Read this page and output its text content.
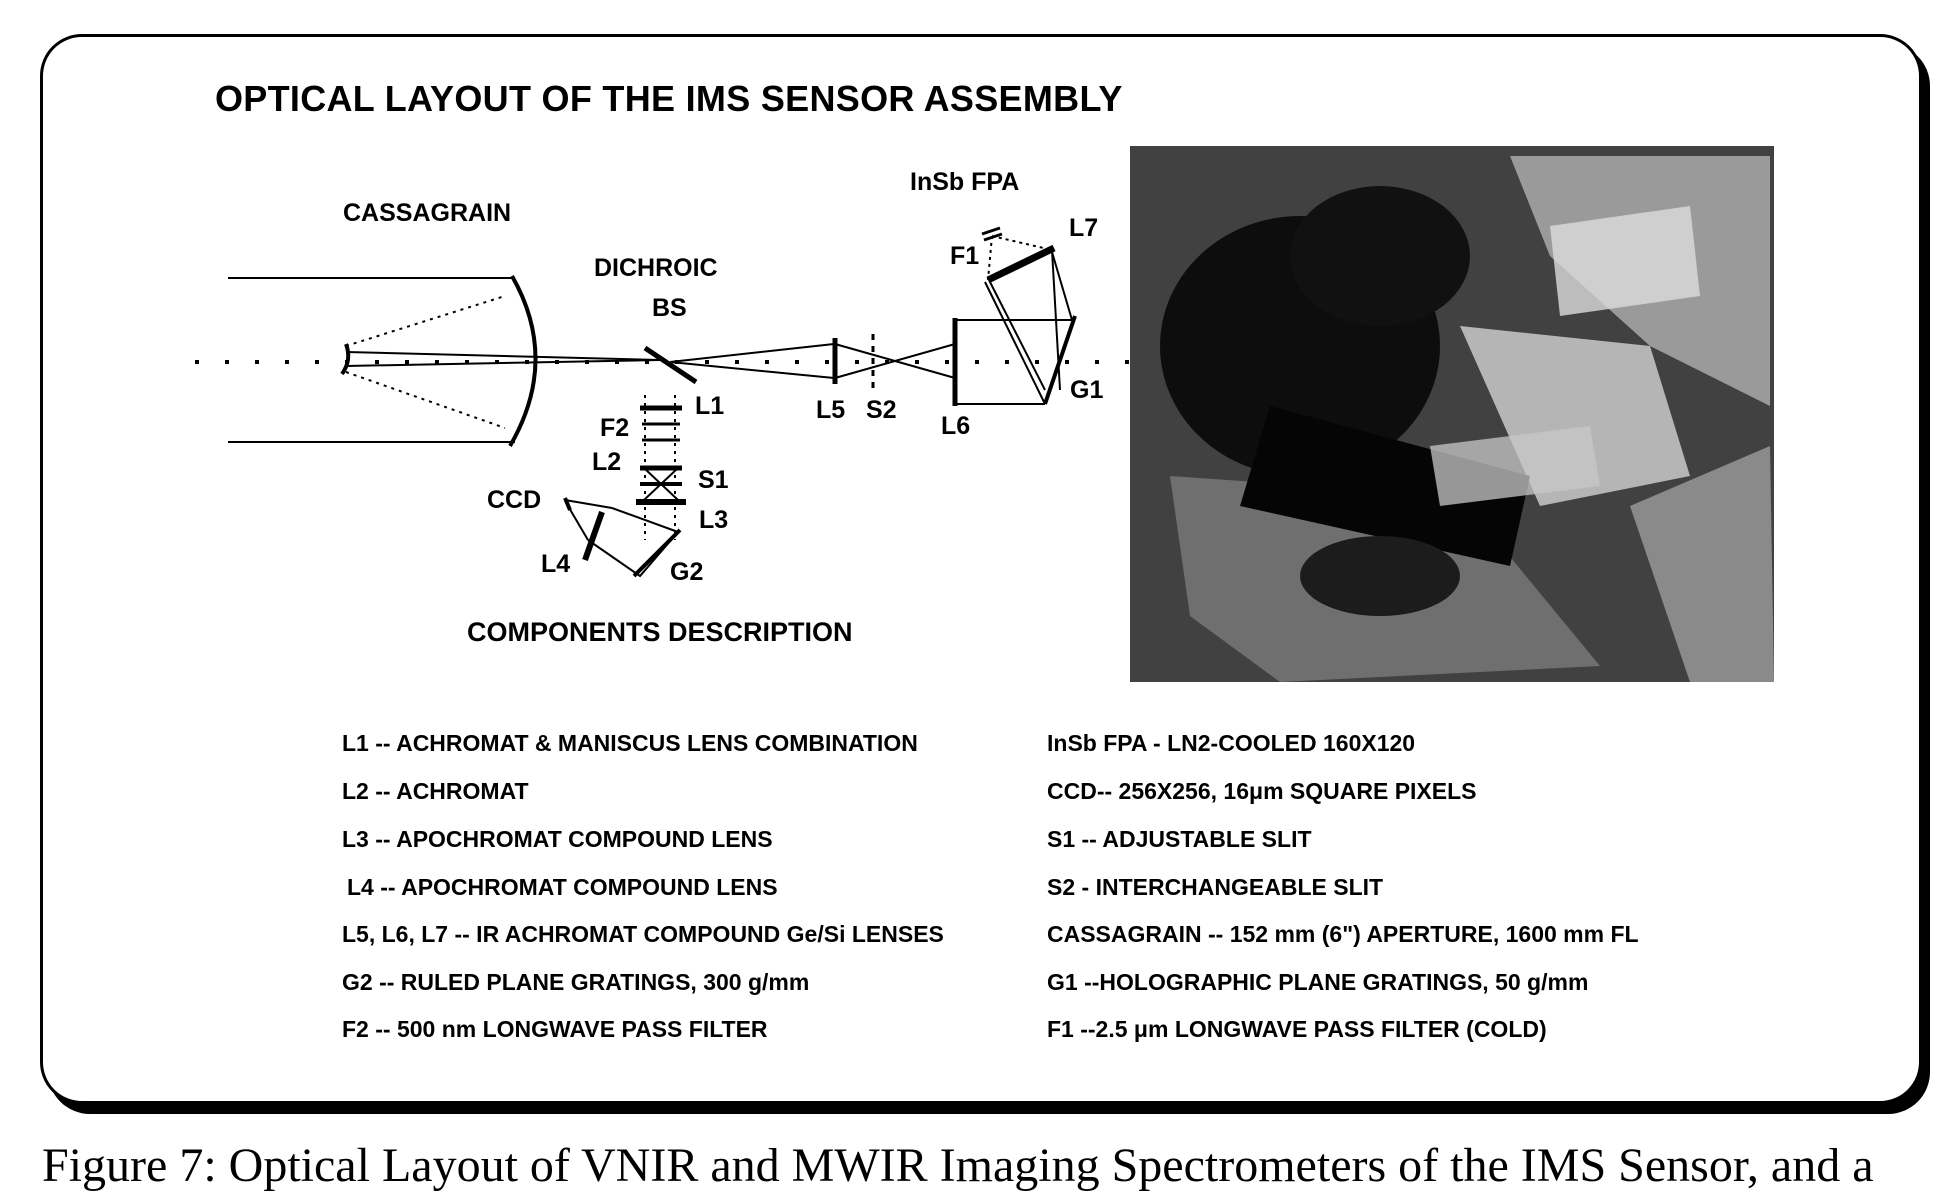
OPTICAL LAYOUT OF THE IMS SENSOR ASSEMBLY
CASSAGRAIN
DICHROIC
BS
InSb FPA
F1
L7
G1
L1	L5 S2
L6
F2
L2
S1
CCD
L3
L4	G2
COMPONENTS DESCRIPTION
L1 -- ACHROMAT & MANISCUS LENS COMBINATION
L2 -- ACHROMAT
L3 -- APOCHROMAT COMPOUND LENS
L4 -- APOCHROMAT COMPOUND LENS
L5, L6, L7 -- IR ACHROMAT COMPOUND Ge/Si LENSES
G2 -- RULED PLANE GRATINGS, 300 g/mm
F2 -- 500 nm LONGWAVE PASS FILTER
InSb FPA - LN2-COOLED 160X120
CCD-- 256X256, 16μm SQUARE PIXELS
S1 -- ADJUSTABLE SLIT
S2 - INTERCHANGEABLE SLIT
CASSAGRAIN -- 152 mm (6") APERTURE, 1600 mm FL
G1 --HOLOGRAPHIC PLANE GRATINGS, 50 g/mm
F1 --2.5 μm LONGWAVE PASS FILTER (COLD)
Figure 7: Optical Layout of VNIR and MWIR Imaging Spectrometers of the IMS Sensor, and a
